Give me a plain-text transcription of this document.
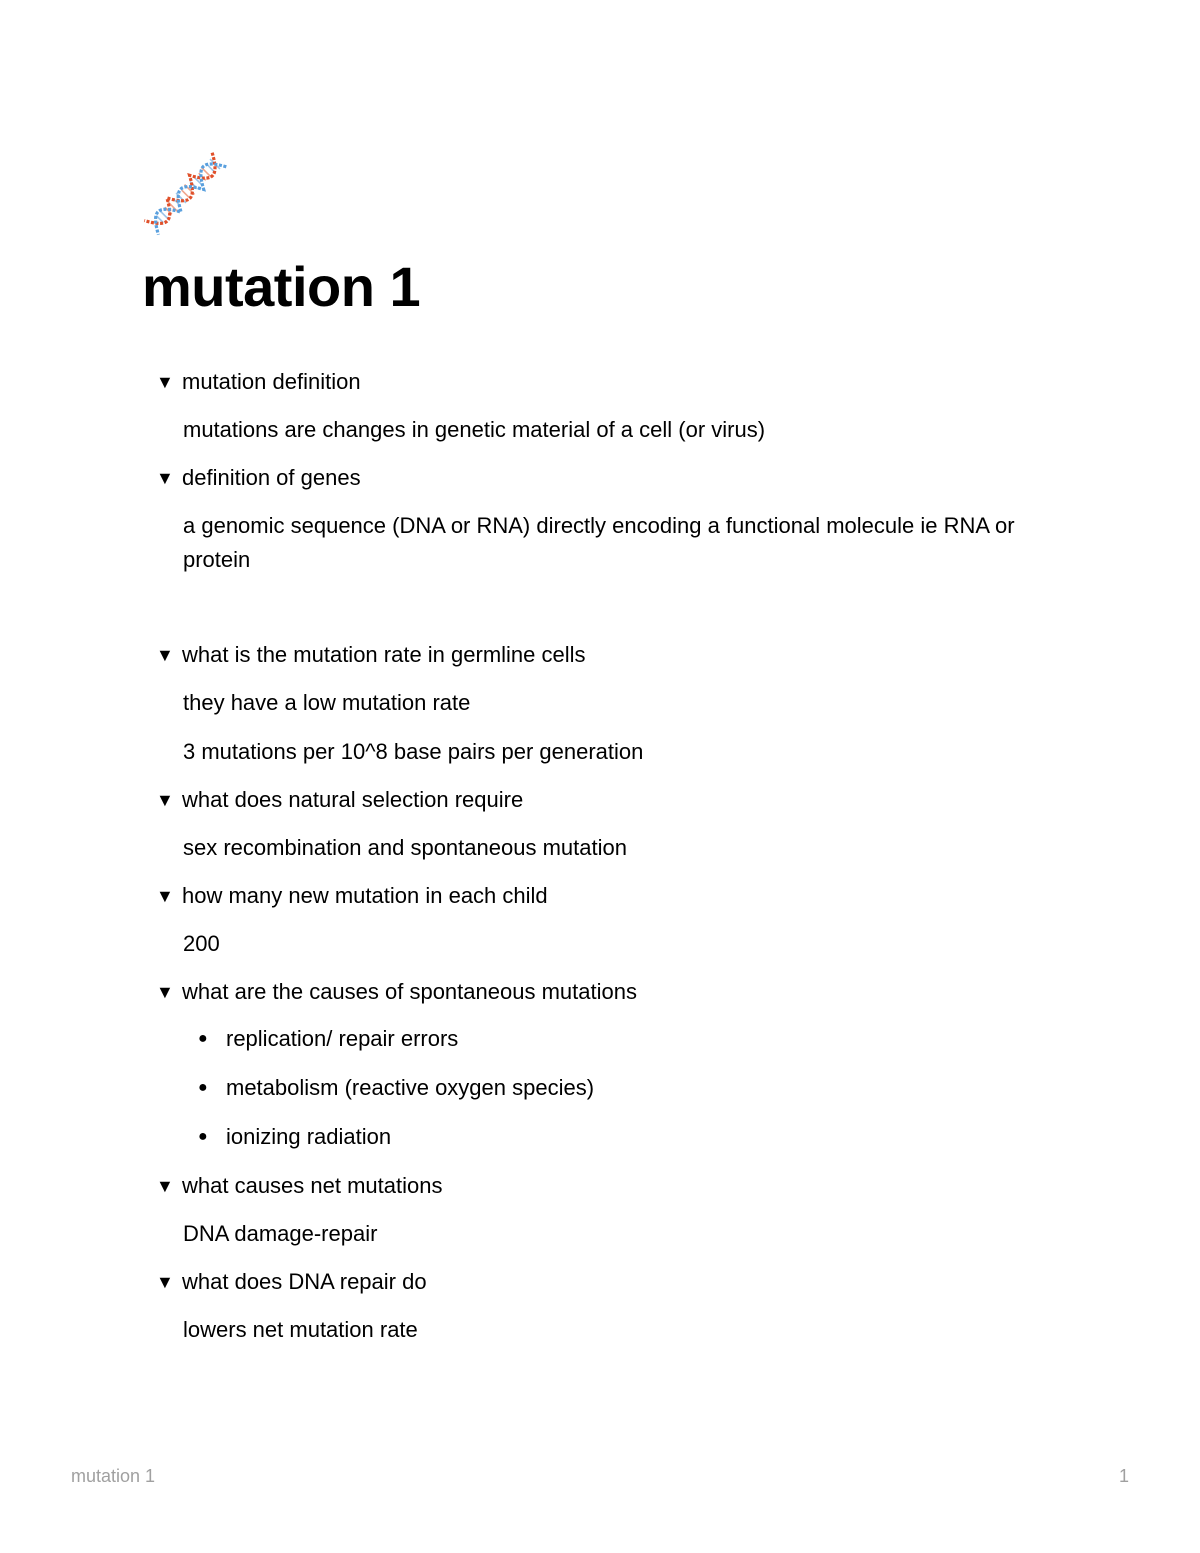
mutation 1
▼ mutation definition

mutations are changes in genetic material of a cell (or virus)

▼ definition of genes

a genomic sequence (DNA or RNA) directly encoding a functional molecule ie RNA or protein

▼ what is the mutation rate in germline cells

they have a low mutation rate

3 mutations per 10^8 base pairs per generation

▼ what does natural selection require

sex recombination and spontaneous mutation

▼ how many new mutation in each child

200

▼ what are the causes of spontaneous mutations
● replication/ repair errors
● metabolism (reactive oxygen species)
● ionizing radiation
▼ what causes net mutations

DNA damage-repair

▼ what does DNA repair do

lowers net mutation rate

mutation 1	1
